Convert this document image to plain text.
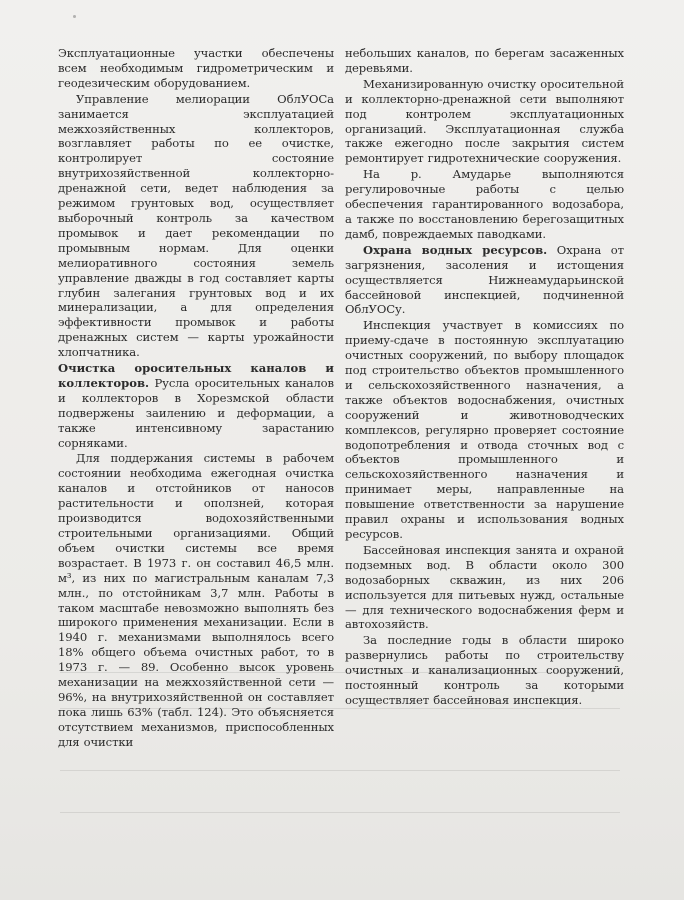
Эксплуатационные участки обеспечены всем необходимым гидрометрическим и геодезическим оборудованием.

Управление мелиорации ОблУОСа занимается эксплуатацией межхозяйственных коллекторов, возглавляет работы по ее очистке, контролирует состояние внутрихозяйственной коллекторно-дренажной сети, ведет наблюдения за режимом грунтовых вод, осуществляет выборочный контроль за качеством промывок и дает рекомендации по промывным нормам. Для оценки мелиоративного состояния земель управление дважды в год составляет карты глубин залегания грунтовых вод и их минерализации, а для определения эффективности промывок и работы дренажных систем — карты урожайности хлопчатника.

Очистка оросительных каналов и коллекторов. Русла оросительных каналов и коллекторов в Хорезмской области подвержены заилению и деформации, а также интенсивному зарастанию сорняками.

Для поддержания системы в рабочем состоянии необходима ежегодная очистка каналов и отстойников от наносов растительности и оползней, которая производится водохозяйственными строительными организациями. Общий объем очистки системы все время возрастает. В 1973 г. он составил 46,5 млн. м³, из них по магистральным каналам 7,3 млн., по отстойникам 3,7 млн. Работы в таком масштабе невозможно выполнять без широкого применения механизации. Если в 1940 г. механизмами выполнялось всего 18% общего объема очистных работ, то в 1973 г. — 89. Особенно высок уровень механизации на межхозяйственной сети — 96%, на внутрихозяйственной он составляет пока лишь 63% (табл. 124). Это объясняется отсутствием механизмов, приспособленных для очистки

небольших каналов, по берегам засаженных деревьями.

Механизированную очистку оросительной и коллекторно-дренажной сети выполняют под контролем эксплуатационных организаций. Эксплуатационная служба также ежегодно после закрытия систем ремонтирует гидротехнические сооружения.

На р. Амударье выполняются регулировочные работы с целью обеспечения гарантированного водозабора, а также по восстановлению берегозащитных дамб, повреждаемых паводками.

Охрана водных ресурсов. Охрана от загрязнения, засоления и истощения осуществляется Нижнеамударьинской бассейновой инспекцией, подчиненной ОблУОСу.

Инспекция участвует в комиссиях по приему-сдаче в постоянную эксплуатацию очистных сооружений, по выбору площадок под строительство объектов промышленного и сельскохозяйственного назначения, а также объектов водоснабжения, очистных сооружений и животноводческих комплексов, регулярно проверяет состояние водопотребления и отвода сточных вод с объектов промышленного и сельскохозяйственного назначения и принимает меры, направленные на повышение ответственности за нарушение правил охраны и использования водных ресурсов.

Бассейновая инспекция занята и охраной подземных вод. В области около 300 водозаборных скважин, из них 206 используется для питьевых нужд, остальные — для технического водоснабжения ферм и автохозяйств.

За последние годы в области широко развернулись работы по строительству очистных и канализационных сооружений, постоянный контроль за которыми осуществляет бассейновая инспекция.
